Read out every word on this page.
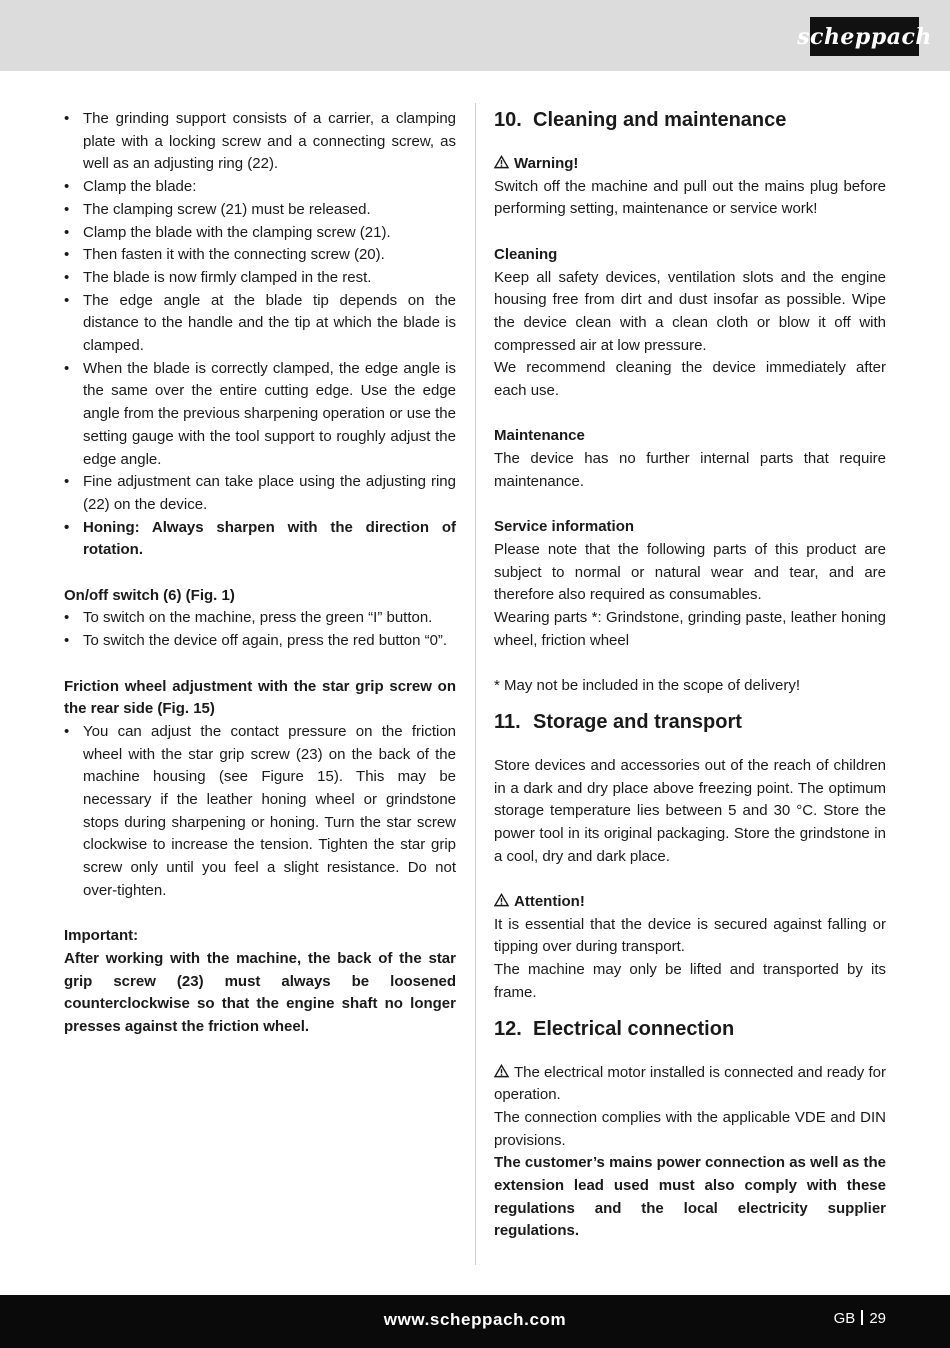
scheppach
• The grinding support consists of a carrier, a clamping plate with a locking screw and a connecting screw, as well as an adjusting ring (22).
• Clamp the blade:
• The clamping screw (21) must be released.
• Clamp the blade with the clamping screw (21).
• Then fasten it with the connecting screw (20).
• The blade is now firmly clamped in the rest.
• The edge angle at the blade tip depends on the distance to the handle and the tip at which the blade is clamped.
• When the blade is correctly clamped, the edge angle is the same over the entire cutting edge. Use the edge angle from the previous sharpening operation or use the setting gauge with the tool support to roughly adjust the edge angle.
• Fine adjustment can take place using the adjusting ring (22) on the device.
• Honing: Always sharpen with the direction of rotation.

On/off switch (6) (Fig. 1)

• To switch on the machine, press the green “I” button.
• To switch the device off again, press the red button “0”.

Friction wheel adjustment with the star grip screw on the rear side (Fig. 15)

• You can adjust the contact pressure on the friction wheel with the star grip screw (23) on the back of the machine housing (see Figure 15). This may be necessary if the leather honing wheel or grindstone stops during sharpening or honing. Turn the star screw clockwise to increase the tension. Tighten the star grip screw only until you feel a slight resistance. Do not over-tighten.

Important:

After working with the machine, the back of the star grip screw (23) must always be loosened counterclockwise so that the engine shaft no longer presses against the friction wheel.

10. Cleaning and maintenance

Warning!

Switch off the machine and pull out the mains plug before performing setting, maintenance or service work!

Cleaning

Keep all safety devices, ventilation slots and the engine housing free from dirt and dust insofar as possible. Wipe the device clean with a clean cloth or blow it off with compressed air at low pressure.

We recommend cleaning the device immediately after each use.

Maintenance

The device has no further internal parts that require maintenance.

Service information

Please note that the following parts of this product are subject to normal or natural wear and tear, and are therefore also required as consumables.

Wearing parts *: Grindstone, grinding paste, leather honing wheel, friction wheel

* May not be included in the scope of delivery!

11. Storage and transport

Store devices and accessories out of the reach of children in a dark and dry place above freezing point. The optimum storage temperature lies between 5 and 30 °C. Store the power tool in its original packaging. Store the grindstone in a cool, dry and dark place.

Attention!

It is essential that the device is secured against falling or tipping over during transport.

The machine may only be lifted and transported by its frame.

12. Electrical connection

The electrical motor installed is connected and ready for operation.

The connection complies with the applicable VDE and DIN provisions.

The customer’s mains power connection as well as the extension lead used must also comply with these regulations and the local electricity supplier regulations.

www.scheppach.com	GB 29
